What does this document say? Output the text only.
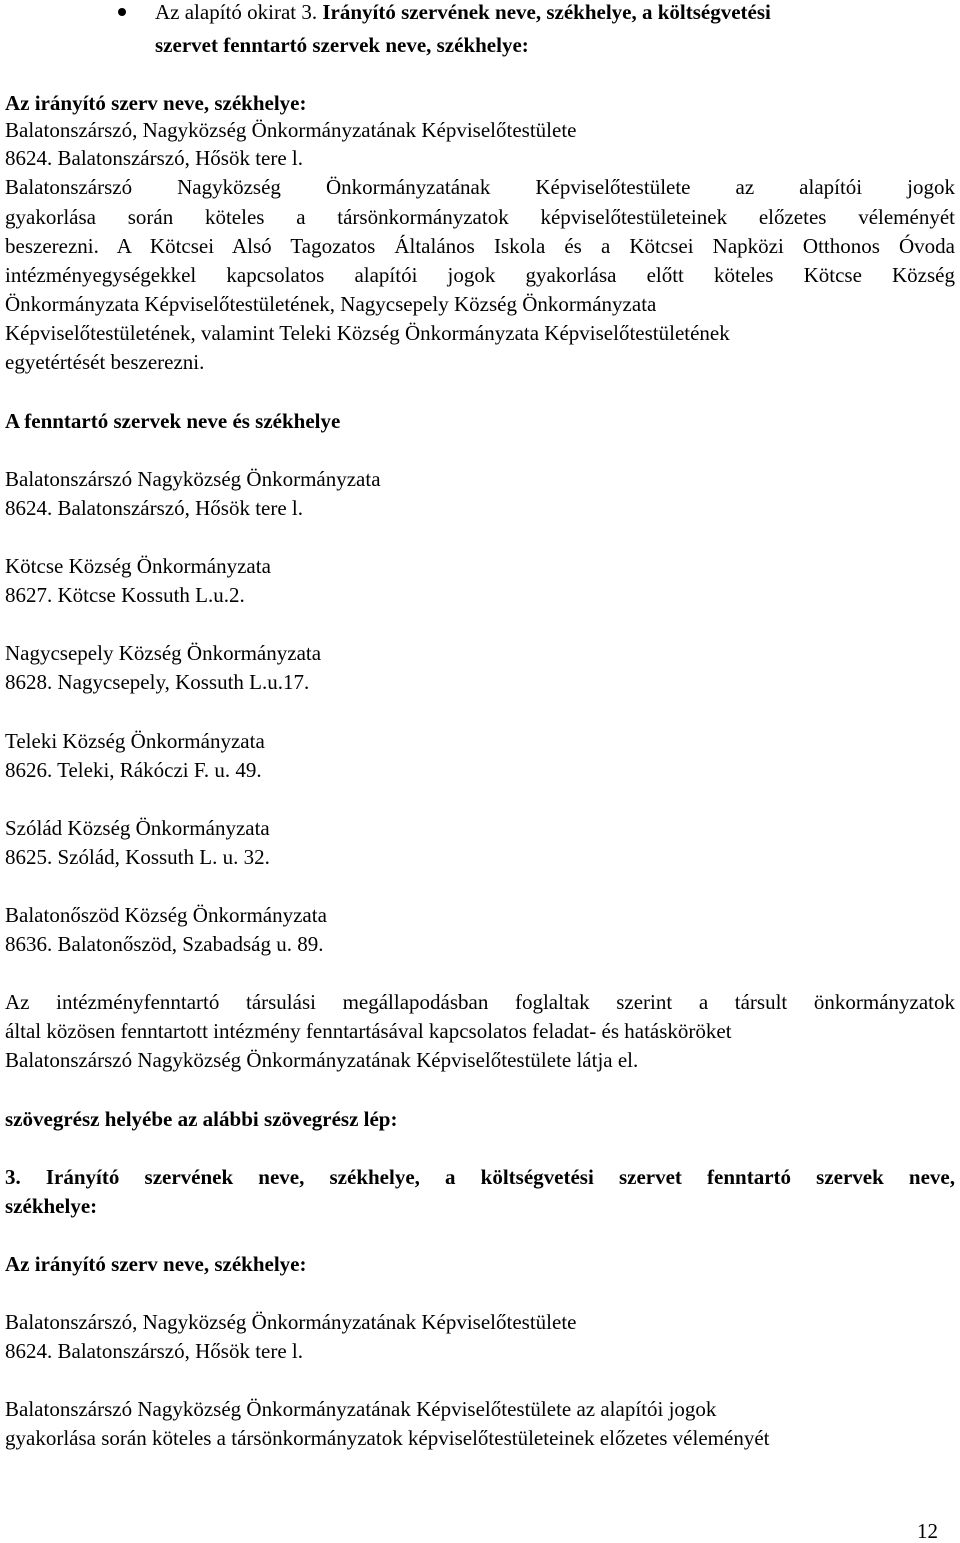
Az alapító okirat 3. Irányító szervének neve, székhelye, a költségvetési
szervet fenntartó szervek neve, székhelye:
Az irányító szerv neve, székhelye:
Balatonszárszó, Nagyközség Önkormányzatának Képviselőtestülete
8624. Balatonszárszó, Hősök tere l.
Balatonszárszó Nagyközség Önkormányzatának Képviselőtestülete az alapítói jogok
gyakorlása során köteles a társönkormányzatok képviselőtestületeinek előzetes véleményét
beszerezni. A Kötcsei Alsó Tagozatos Általános Iskola és a Kötcsei Napközi Otthonos Óvoda
intézményegységekkel kapcsolatos alapítói jogok gyakorlása előtt köteles Kötcse Község
Önkormányzata Képviselőtestületének, Nagycsepely Község Önkormányzata
Képviselőtestületének, valamint Teleki Község Önkormányzata Képviselőtestületének
egyetértését beszerezni.
A fenntartó szervek neve és székhelye
Balatonszárszó Nagyközség Önkormányzata
8624. Balatonszárszó, Hősök tere l.
Kötcse Község Önkormányzata
8627. Kötcse Kossuth L.u.2.
Nagycsepely Község Önkormányzata
8628. Nagycsepely, Kossuth L.u.17.
Teleki Község Önkormányzata
8626. Teleki, Rákóczi F. u. 49.
Szólád Község Önkormányzata
8625. Szólád, Kossuth L. u. 32.
Balatonőszöd Község Önkormányzata
8636. Balatonőszöd, Szabadság u. 89.
Az intézményfenntartó társulási megállapodásban foglaltak szerint a társult önkormányzatok
által közösen fenntartott intézmény fenntartásával kapcsolatos feladat- és hatásköröket
Balatonszárszó Nagyközség Önkormányzatának Képviselőtestülete látja el.
szövegrész helyébe az alábbi szövegrész lép:
3. Irányító szervének neve, székhelye, a költségvetési szervet fenntartó szervek neve,
székhelye:
Az irányító szerv neve, székhelye:
Balatonszárszó, Nagyközség Önkormányzatának Képviselőtestülete
8624. Balatonszárszó, Hősök tere l.
Balatonszárszó Nagyközség Önkormányzatának Képviselőtestülete az alapítói jogok
gyakorlása során köteles a társönkormányzatok képviselőtestületeinek előzetes véleményét
12
